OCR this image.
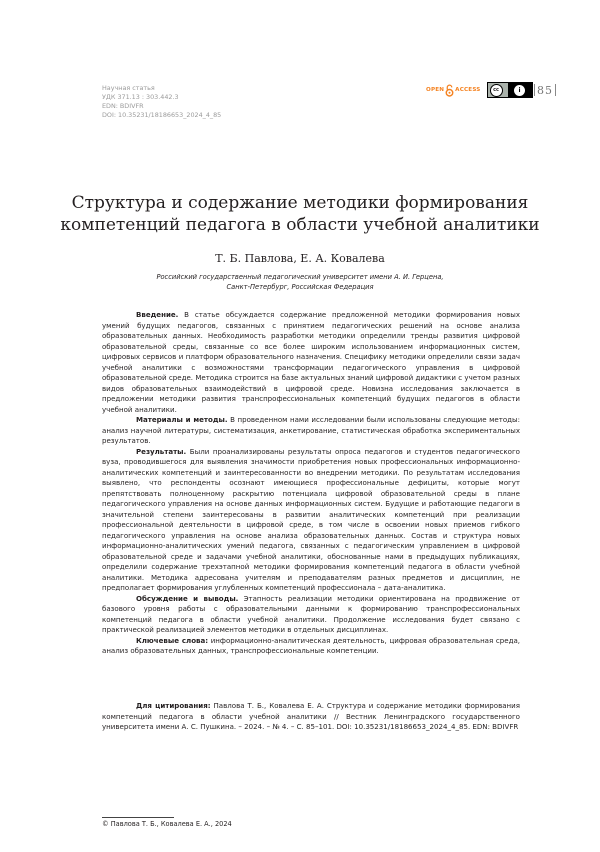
Научная статья
УДК 371.13 : 303.442.3
EDN: BDIVFR
DOI: 10.35231/18186653_2024_4_85
OPEN ACCESS	cc	i	85
Структура и содержание методики формирования
компетенций педагога в области учебной аналитики
Т. Б. Павлова, Е. А. Ковалева
Российский государственный педагогический университет имени А. И. Герцена,
Санкт-Петербург, Российская Федерация

Введение. В статье обсуждается содержание предложенной методики формирования новых умений будущих педагогов, связанных с принятием педагогических решений на основе анализа образовательных данных. Необходимость разработки методики определили тренды развития цифровой образовательной среды, связанные со все более широким использованием информационных систем, цифровых сервисов и платформ образовательного назначения. Специфику методики определили связи задач учебной аналитики с возможностями трансформации педагогического управления в цифровой образовательной среде. Методика строится на базе актуальных знаний цифровой дидактики с учетом разных видов образовательных взаимодействий в цифровой среде. Новизна исследования заключается в предложении методики развития транспрофессиональных компетенций будущих педагогов в области учебной аналитики.

Материалы и методы. В проведенном нами исследовании были использованы следующие методы: анализ научной литературы, систематизация, анкетирование, статистическая обработка экспериментальных результатов.

Результаты. Были проанализированы результаты опроса педагогов и студентов педагогического вуза, проводившегося для выявления значимости приобретения новых профессиональных информационно-аналитических компетенций и заинтересованности во внедрении методики. По результатам исследования выявлено, что респонденты осознают имеющиеся профессиональные дефициты, которые могут препятствовать полноценному раскрытию потенциала цифровой образовательной среды в плане педагогического управления на основе данных информационных систем. Будущие и работающие педагоги в значительной степени заинтересованы в развитии аналитических компетенций при реализации профессиональной деятельности в цифровой среде, в том числе в освоении новых приемов гибкого педагогического управления на основе анализа образовательных данных. Состав и структура новых информационно-аналитических умений педагога, связанных с педагогическим управлением в цифровой образовательной среде и задачами учебной аналитики, обоснованные нами в предыдущих публикациях, определили содержание трехэтапной методики формирования компетенций педагога в области учебной аналитики. Методика адресована учителям и преподавателям разных предметов и дисциплин, не предполагает формирования углубленных компетенций профессионала – дата-аналитика.

Обсуждение и выводы. Этапность реализации методики ориентирована на продвижение от базового уровня работы с образовательными данными к формированию транспрофессиональных компетенций педагога в области учебной аналитики. Продолжение исследования будет связано с практической реализацией элементов методики в отдельных дисциплинах.

Ключевые слова: информационно-аналитическая деятельность, цифровая образовательная среда, анализ образовательных данных, транспрофессиональные компетенции.

Для цитирования: Павлова Т. Б., Ковалева Е. А. Структура и содержание методики формирования компетенций педагога в области учебной аналитики // Вестник Ленинградского государственного университета имени А. С. Пушкина. – 2024. – № 4. – С. 85–101. DOI: 10.35231/18186653_2024_4_85. EDN: BDIVFR

© Павлова Т. Б., Ковалева Е. А., 2024
